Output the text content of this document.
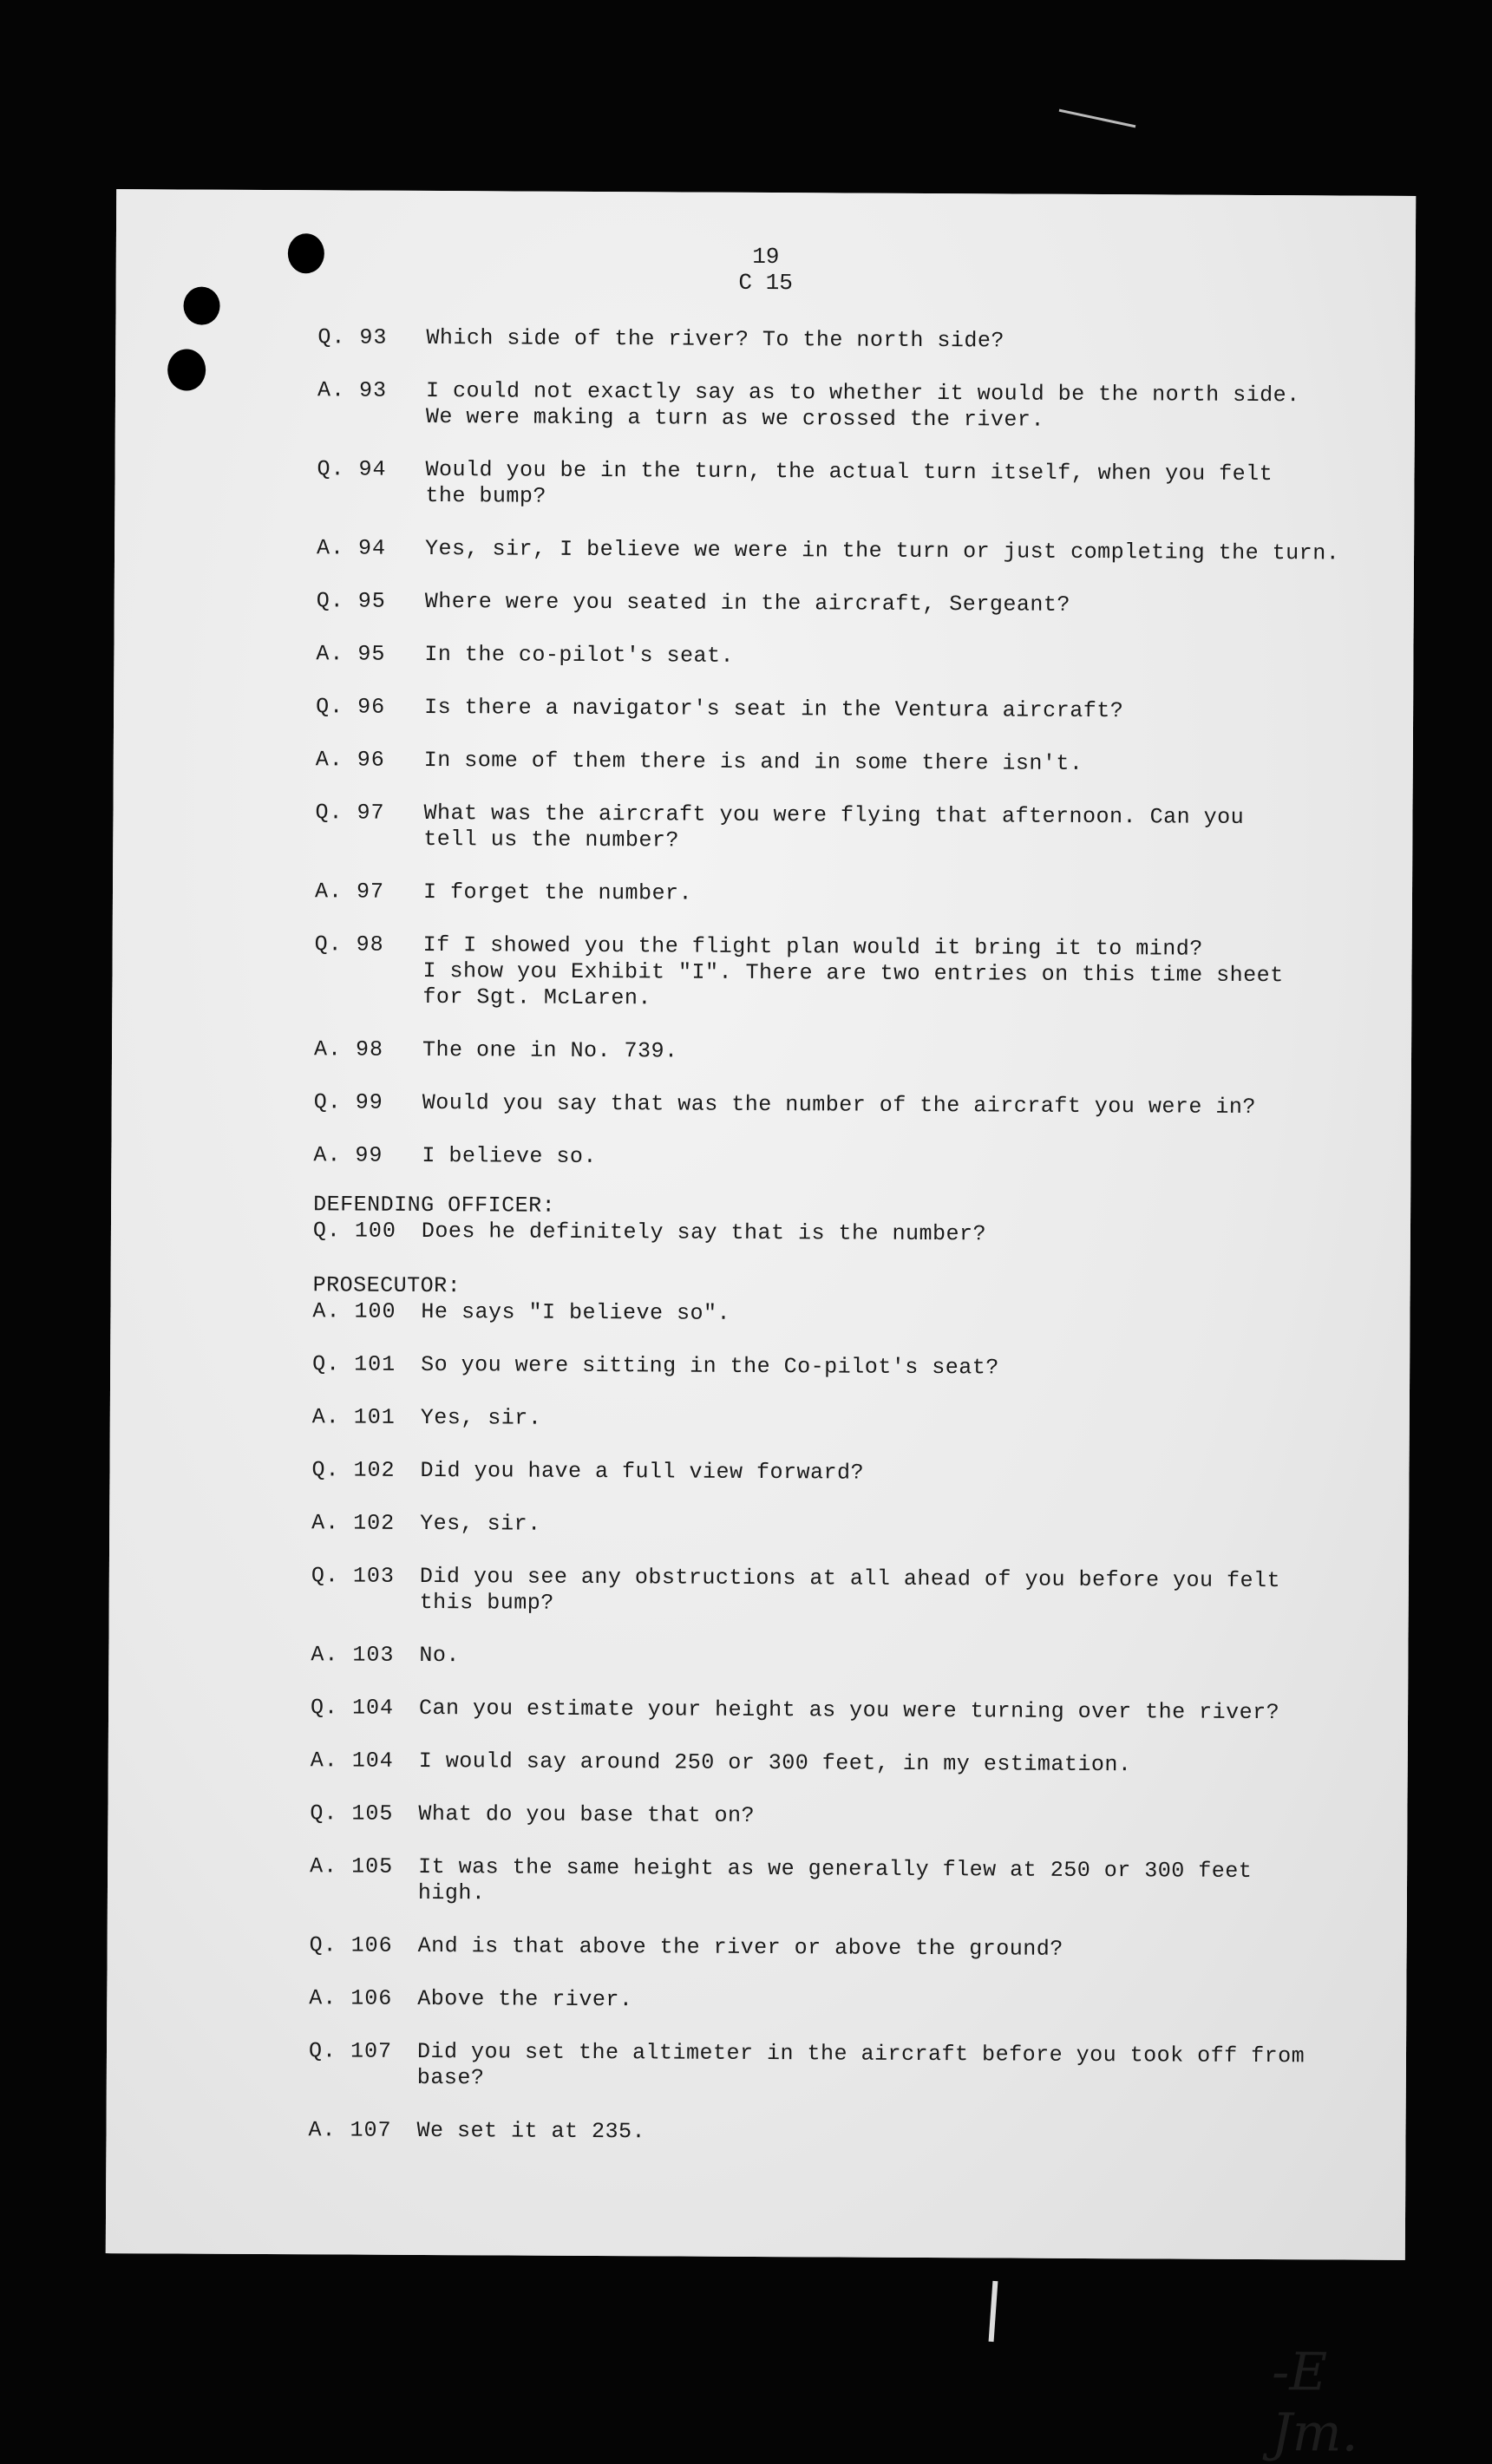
19
C 15
Q. 93	Which side of the river? To the north side?
A. 93	I could not exactly say as to whether it would be the north side.
We were making a turn as we crossed the river.
Q. 94	Would you be in the turn, the actual turn itself, when you felt
the bump?
A. 94	Yes, sir, I believe we were in the turn or just completing the turn.
Q. 95	Where were you seated in the aircraft, Sergeant?
A. 95	In the co-pilot's seat.
Q. 96	Is there a navigator's seat in the Ventura aircraft?
A. 96	In some of them there is and in some there isn't.
Q. 97	What was the aircraft you were flying that afternoon. Can you
tell us the number?
A. 97	I forget the number.
Q. 98	If I showed you the flight plan would it bring it to mind?
I show you Exhibit "I". There are two entries on this time sheet
for Sgt. McLaren.
A. 98	The one in No. 739.
Q. 99	Would you say that was the number of the aircraft you were in?
A. 99	I believe so.
DEFENDING OFFICER:
Q. 100	Does he definitely say that is the number?
PROSECUTOR:
A. 100	He says "I believe so".
Q. 101	So you were sitting in the Co-pilot's seat?
A. 101	Yes, sir.
Q. 102	Did you have a full view forward?
A. 102	Yes, sir.
Q. 103	Did you see any obstructions at all ahead of you before you felt
this bump?
A. 103	No.
Q. 104	Can you estimate your height as you were turning over the river?
A. 104	I would say around 250 or 300 feet, in my estimation.
Q. 105	What do you base that on?
A. 105	It was the same height as we generally flew at 250 or 300 feet
high.
Q. 106	And is that above the river or above the ground?
A. 106	Above the river.
Q. 107	Did you set the altimeter in the aircraft before you took off from
base?
A. 107	We set it at 235.
-E Jm.
